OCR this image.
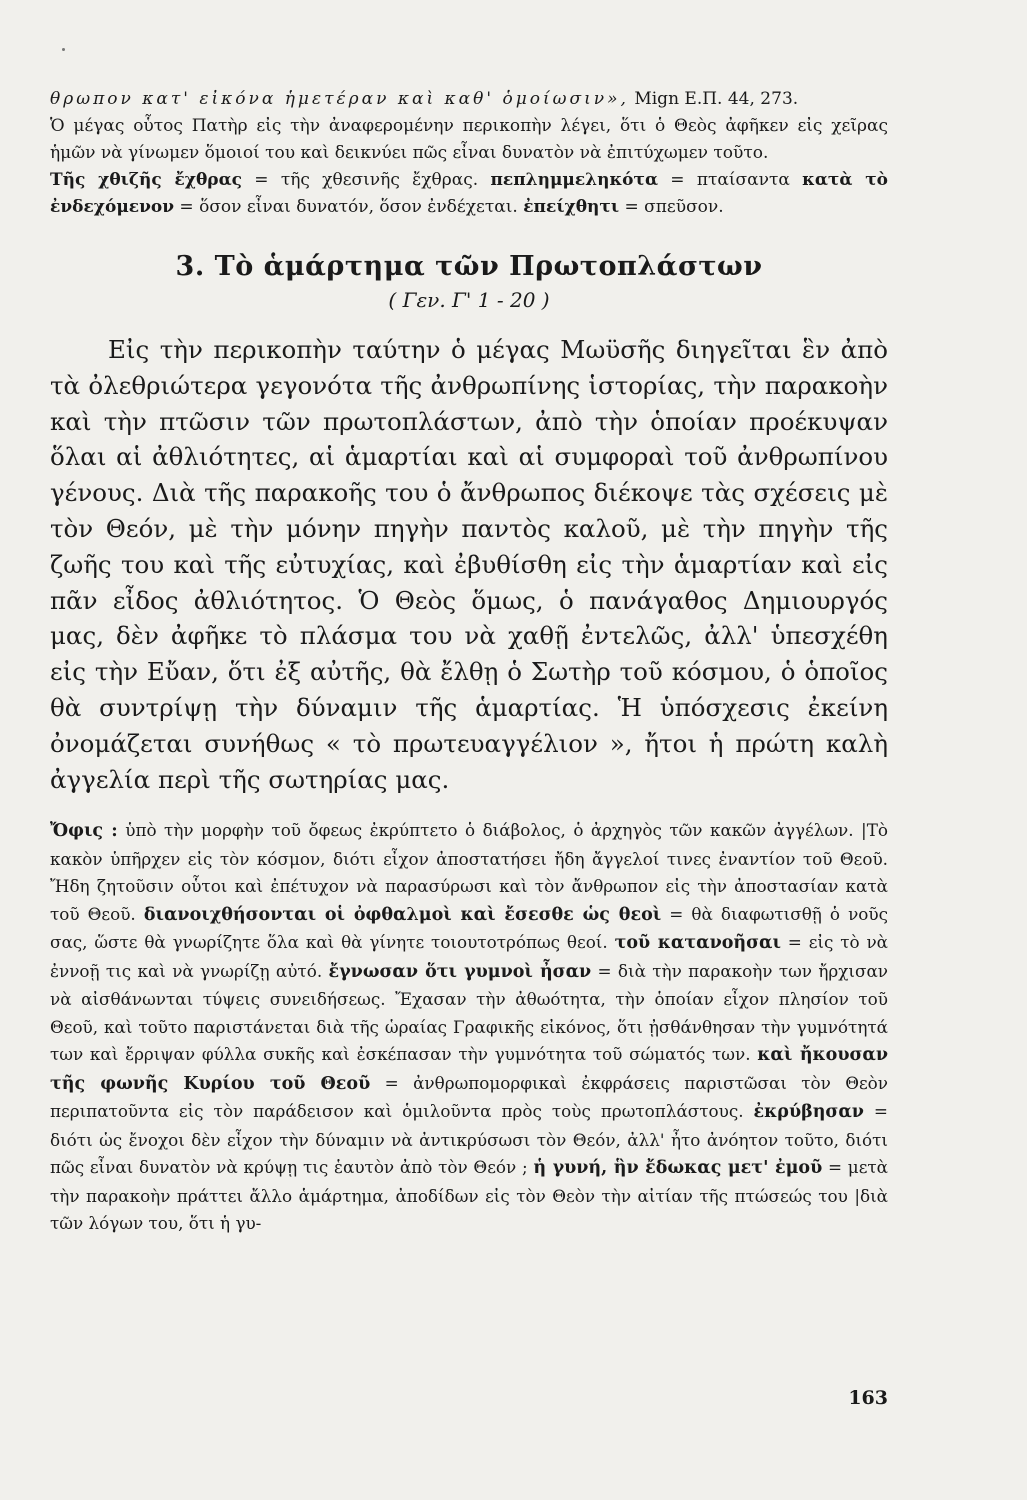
θρωπον κατ' εἰκόνα ἡμετέραν καὶ καθ' ὁμοίωσιν», Mign Ε.Π. 44, 273.

Ὁ μέγας οὗτος Πατὴρ εἰς τὴν ἀναφερομένην περικοπὴν λέγει, ὅτι ὁ Θεὸς ἀφῆκεν εἰς χεῖρας ἡμῶν νὰ γίνωμεν ὅμοιοί του καὶ δεικνύει πῶς εἶναι δυνατὸν νὰ ἐπιτύχωμεν τοῦτο.

Τῆς χθιζῆς ἔχθρας = τῆς χθεσινῆς ἔχθρας. πεπλημμεληκότα = πταίσαντα κατὰ τὸ ἐνδεχόμενον = ὅσον εἶναι δυνατόν, ὅσον ἐνδέχεται. ἐπείχθητι = σπεῦσον.

3. Τὸ ἁμάρτημα τῶν Πρωτοπλάστων
( Γεν. Γ' 1 - 20 )

Εἰς τὴν περικοπὴν ταύτην ὁ μέγας Μωϋσῆς διηγεῖται ἓν ἀπὸ τὰ ὀλεθριώτερα γεγονότα τῆς ἀνθρωπίνης ἱστορίας, τὴν παρακοὴν καὶ τὴν πτῶσιν τῶν πρωτοπλάστων, ἀπὸ τὴν ὁποίαν προέκυψαν ὅλαι αἱ ἀθλιότητες, αἱ ἁμαρτίαι καὶ αἱ συμφοραὶ τοῦ ἀνθρωπίνου γένους. Διὰ τῆς παρακοῆς του ὁ ἄνθρωπος διέκοψε τὰς σχέσεις μὲ τὸν Θεόν, μὲ τὴν μόνην πηγὴν παντὸς καλοῦ, μὲ τὴν πηγὴν τῆς ζωῆς του καὶ τῆς εὐτυχίας, καὶ ἐβυθίσθη εἰς τὴν ἁμαρτίαν καὶ εἰς πᾶν εἶδος ἀθλιότητος. Ὁ Θεὸς ὅμως, ὁ πανάγαθος Δημιουργός μας, δὲν ἀφῆκε τὸ πλάσμα του νὰ χαθῇ ἐντελῶς, ἀλλ' ὑπεσχέθη εἰς τὴν Εὔαν, ὅτι ἐξ αὐτῆς, θὰ ἔλθῃ ὁ Σωτὴρ τοῦ κόσμου, ὁ ὁποῖος θὰ συντρίψῃ τὴν δύναμιν τῆς ἁμαρτίας. Ἡ ὑπόσχεσις ἐκείνη ὀνομάζεται συνήθως « τὸ πρωτευαγγέλιον », ἤτοι ἡ πρώτη καλὴ ἀγγελία περὶ τῆς σωτηρίας μας.

Ὄφις : ὑπὸ τὴν μορφὴν τοῦ ὄφεως ἐκρύπτετο ὁ διάβολος, ὁ ἀρχηγὸς τῶν κακῶν ἀγγέλων. |Τὸ κακὸν ὑπῆρχεν εἰς τὸν κόσμον, διότι εἶχον ἀποστατήσει ἤδη ἄγγελοί τινες ἐναντίον τοῦ Θεοῦ. Ἤδη ζητοῦσιν οὗτοι καὶ ἐπέτυχον νὰ παρασύρωσι καὶ τὸν ἄνθρωπον εἰς τὴν ἀποστασίαν κατὰ τοῦ Θεοῦ. διανοιχθήσονται οἱ ὀφθαλμοὶ καὶ ἔσεσθε ὡς θεοὶ = θὰ διαφωτισθῇ ὁ νοῦς σας, ὥστε θὰ γνωρίζητε ὅλα καὶ θὰ γίνητε τοιουτοτρόπως θεοί. τοῦ κατανοῆσαι = εἰς τὸ νὰ ἐννοῇ τις καὶ νὰ γνωρίζῃ αὐτό. ἔγνωσαν ὅτι γυμνοὶ ἦσαν = διὰ τὴν παρακοὴν των ἤρχισαν νὰ αἰσθάνωνται τύψεις συνειδήσεως. Ἔχασαν τὴν ἀθωότητα, τὴν ὁποίαν εἶχον πλησίον τοῦ Θεοῦ, καὶ τοῦτο παριστάνεται διὰ τῆς ὡραίας Γραφικῆς εἰκόνος, ὅτι ᾐσθάνθησαν τὴν γυμνότητά των καὶ ἔρριψαν φύλλα συκῆς καὶ ἐσκέπασαν τὴν γυμνότητα τοῦ σώματός των. καὶ ἤκουσαν τῆς φωνῆς Κυρίου τοῦ Θεοῦ = ἀνθρωπομορφικαὶ ἐκφράσεις παριστῶσαι τὸν Θεὸν περιπατοῦντα εἰς τὸν παράδεισον καὶ ὁμιλοῦντα πρὸς τοὺς πρωτοπλάστους. ἐκρύβησαν = διότι ὡς ἔνοχοι δὲν εἶχον τὴν δύναμιν νὰ ἀντικρύσωσι τὸν Θεόν, ἀλλ' ἦτο ἀνόητον τοῦτο, διότι πῶς εἶναι δυνατὸν νὰ κρύψῃ τις ἑαυτὸν ἀπὸ τὸν Θεόν ; ἡ γυνή, ἣν ἔδωκας μετ' ἐμοῦ = μετὰ τὴν παρακοὴν πράττει ἄλλο ἁμάρτημα, ἀποδίδων εἰς τὸν Θεὸν τὴν αἰτίαν τῆς πτώσεώς του |διὰ τῶν λόγων του, ὅτι ἡ γυ-

163
